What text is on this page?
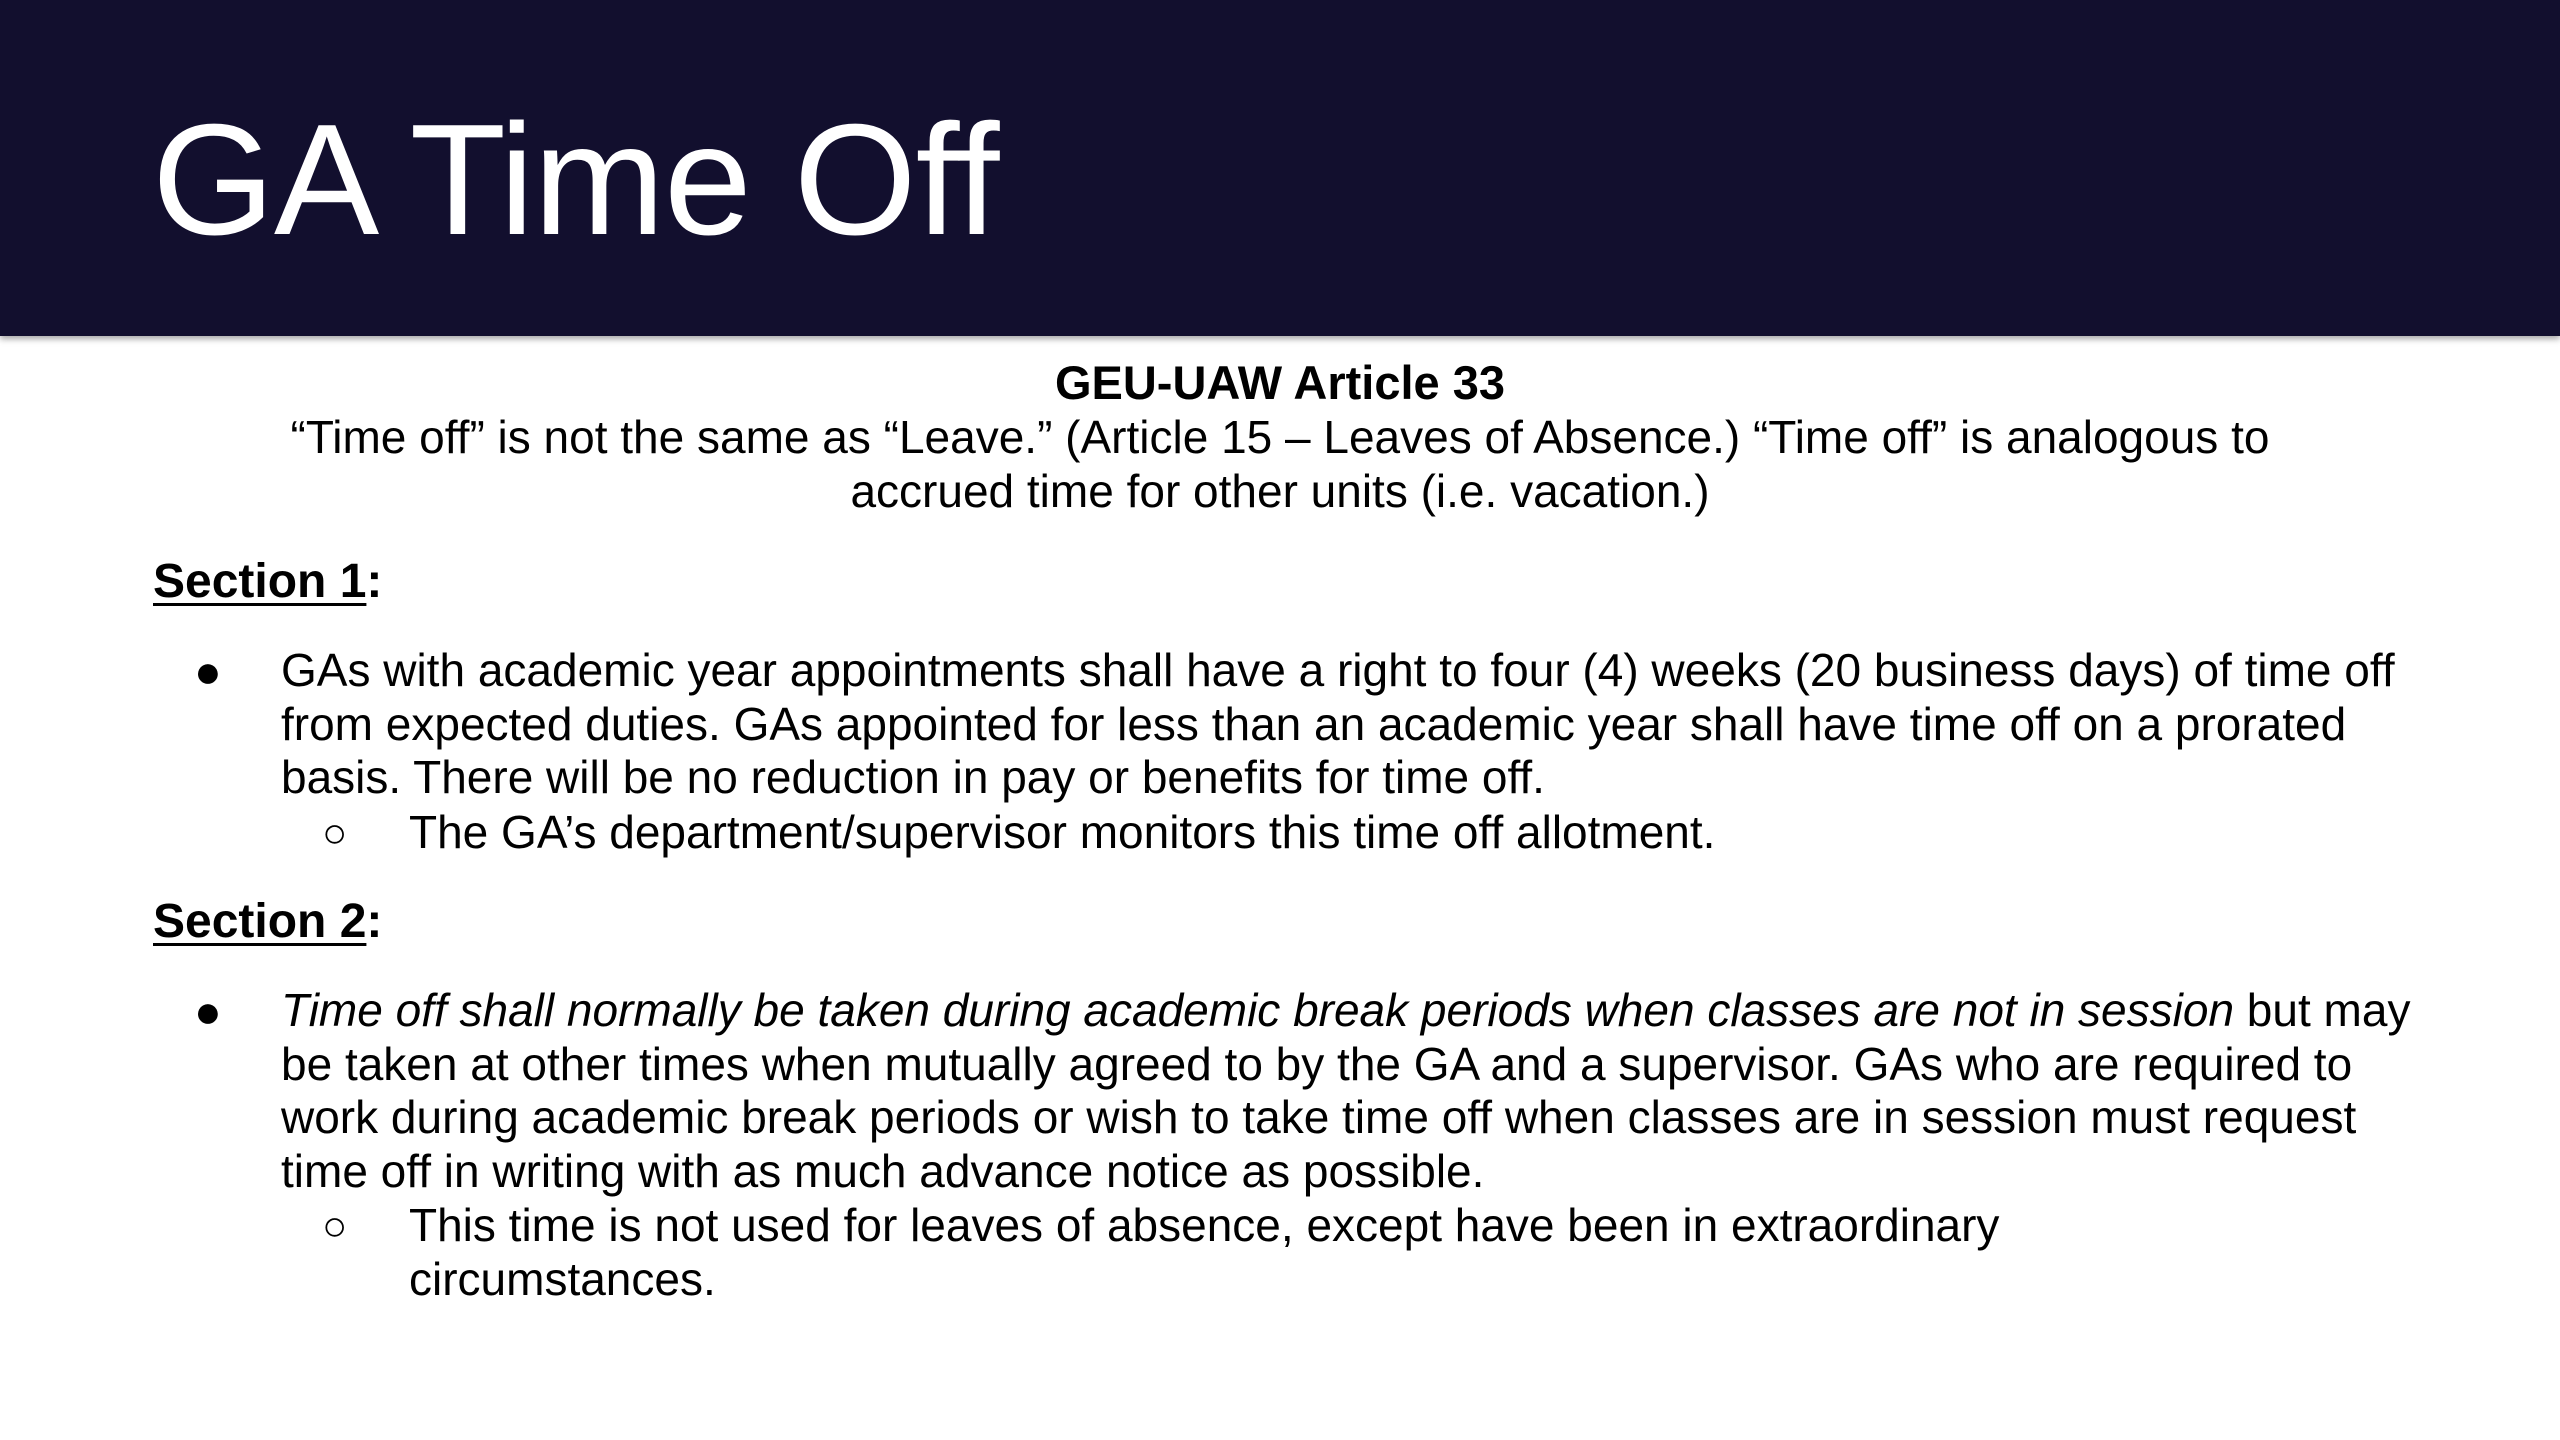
GA Time Off
GEU-UAW Article 33
“Time off” is not the same as “Leave.” (Article 15 – Leaves of Absence.) “Time off” is analogous to
accrued time for other units (i.e. vacation.)
Section 1:
● GAs with academic year appointments shall have a right to four (4) weeks (20 business days) of time off from expected duties. GAs appointed for less than an academic year shall have time off on a prorated basis. There will be no reduction in pay or benefits for time off.
○ The GA’s department/supervisor monitors this time off allotment.
Section 2:
● Time off shall normally be taken during academic break periods when classes are not in session but may be taken at other times when mutually agreed to by the GA and a supervisor. GAs who are required to work during academic break periods or wish to take time off when classes are in session must request time off in writing with as much advance notice as possible.
○ This time is not used for leaves of absence, except have been in extraordinary circumstances.
